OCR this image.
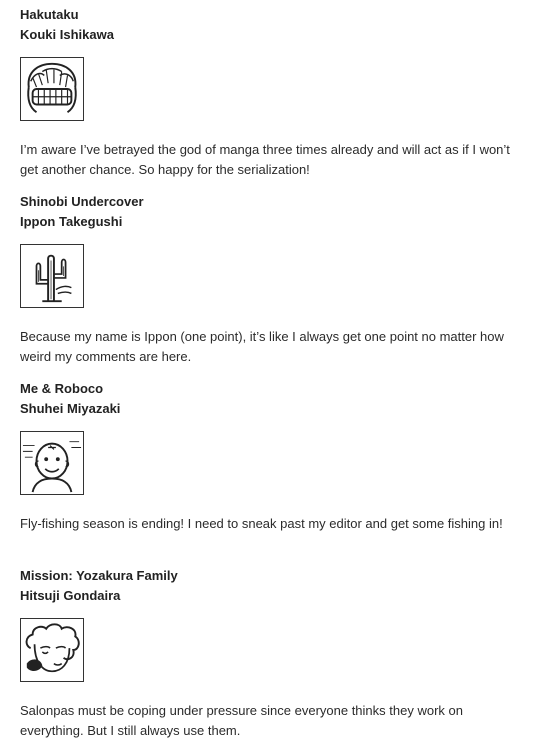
Hakutaku

Kouki Ishikawa

I’m aware I’ve betrayed the god of manga three times already and will act as if I won’t get another chance. So happy for the serialization!

Shinobi Undercover

Ippon Takegushi

Because my name is Ippon (one point), it’s like I always get one point no matter how weird my comments are here.

Me & Roboco

Shuhei Miyazaki

Fly-fishing season is ending! I need to sneak past my editor and get some fishing in!

Mission: Yozakura Family

Hitsuji Gondaira

Salonpas must be coping under pressure since everyone thinks they work on everything. But I still always use them.
